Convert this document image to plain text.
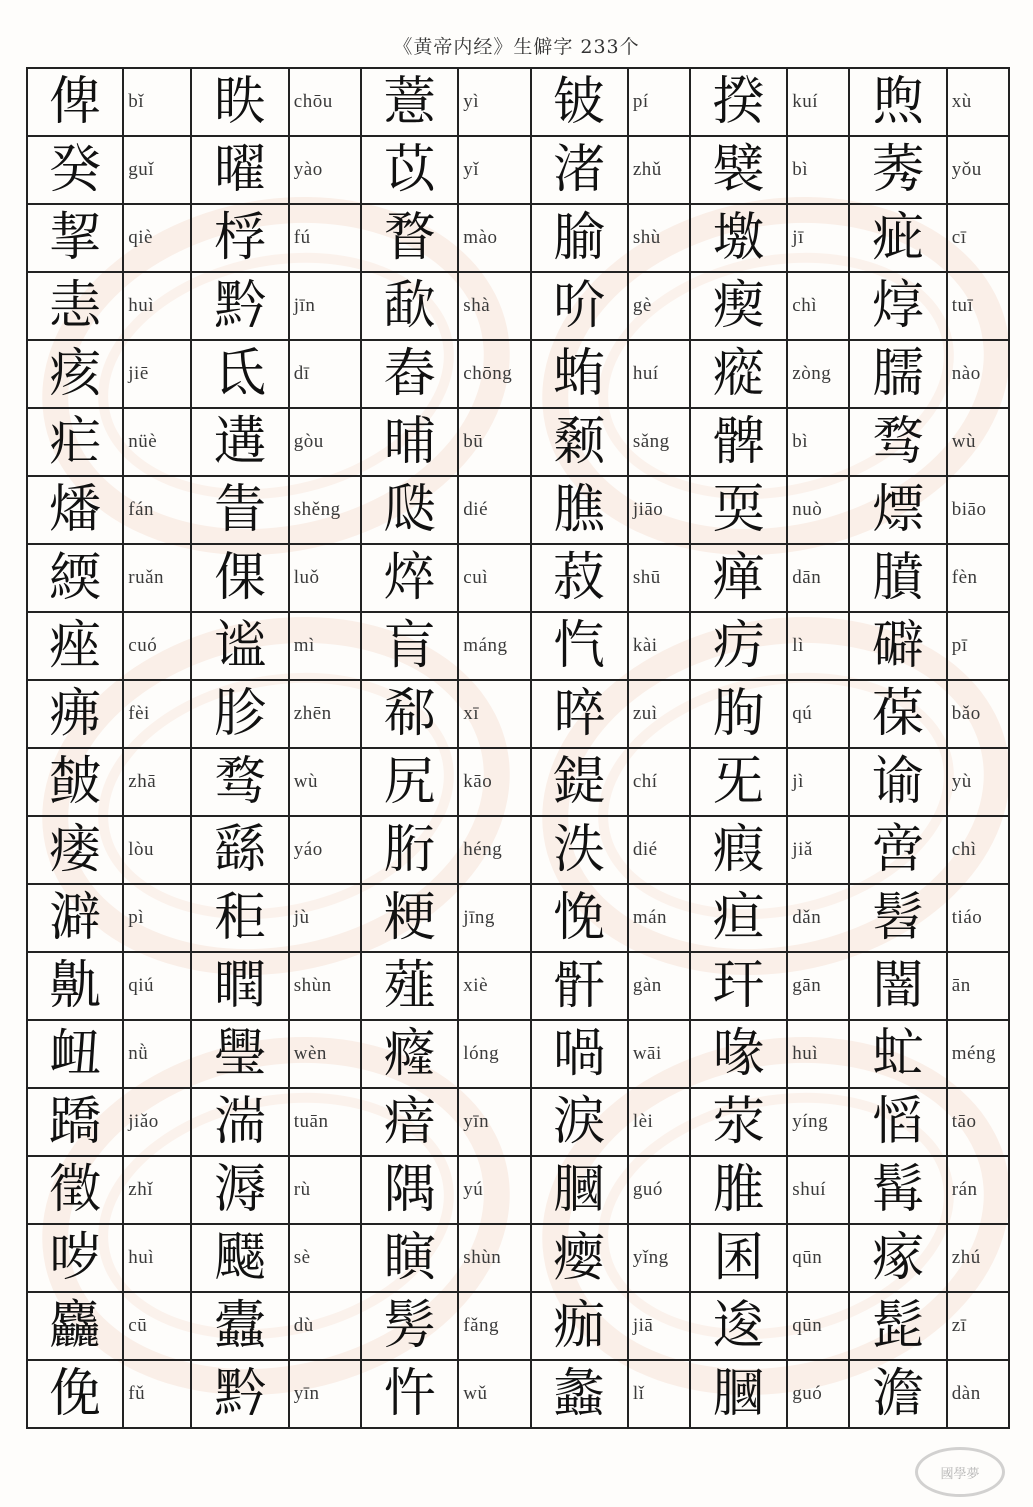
《黄帝内经》生僻字 233个
俾	bǐ	眣	chōu	薏	yì	铍	pí	揆	kuí	煦	xù
癸	guǐ	曜	yào	苡	yǐ	渚	zhǔ	襞	bì	莠	yǒu
挈	qiè	桴	fú	瞀	mào	腧	shù	墽	jī	疵	cī
恚	huì	黔	jīn	歃	shà	吤	gè	瘈	chì	焞	tuī
痎	jiē	氐	dī	舂	chōng	蛕	huí	瘲	zòng	臑	nào
疟	nüè	遘	gòu	晡	bū	颡	sǎng	髀	bì	骛	wù
燔	fán	眚	shěng	瓞	dié	膲	jiāo	耎	nuò	熛	biāo
緛	ruǎn	倮	luǒ	焠	cuì	菽	shū	瘅	dān	膹	fèn
痤	cuó	谧	mì	肓	máng	忾	kài	疠	lì	礔	pī
疿	fèi	胗	zhēn	郗	xī	晬	zuì	朐	qú	葆	bǎo
皶	zhā	骛	wù	尻	kāo	鍉	chí	旡	jì	谕	yù
瘘	lòu	繇	yáo	胻	héng	泆	dié	瘕	jiǎ	啻	chì
澼	pì	秬	jù	粳	jīng	悗	mán	疸	dǎn	髫	tiáo
鼽	qiú	瞤	shùn	薤	xiè	骭	gàn	玕	gān	闇	ān
衄	nǜ	璺	wèn	癃	lóng	喎	wāi	喙	huì	虻	méng
蹻	jiǎo	湍	tuān	瘖	yīn	淚	lèi	荥	yíng	慆	tāo
徵	zhǐ	溽	rù	隅	yú	膕	guó	脽	shuí	髯	rán
哕	huì	飋	sè	瞚	shùn	瘿	yǐng	囷	qūn	瘃	zhú
麤	cū	蠹	dù	髣	fǎng	痂	jiā	逡	qūn	髭	zī
俛	fǔ	黔	yīn	忤	wǔ	蠡	lǐ	膕	guó	澹	dàn
國學夢
